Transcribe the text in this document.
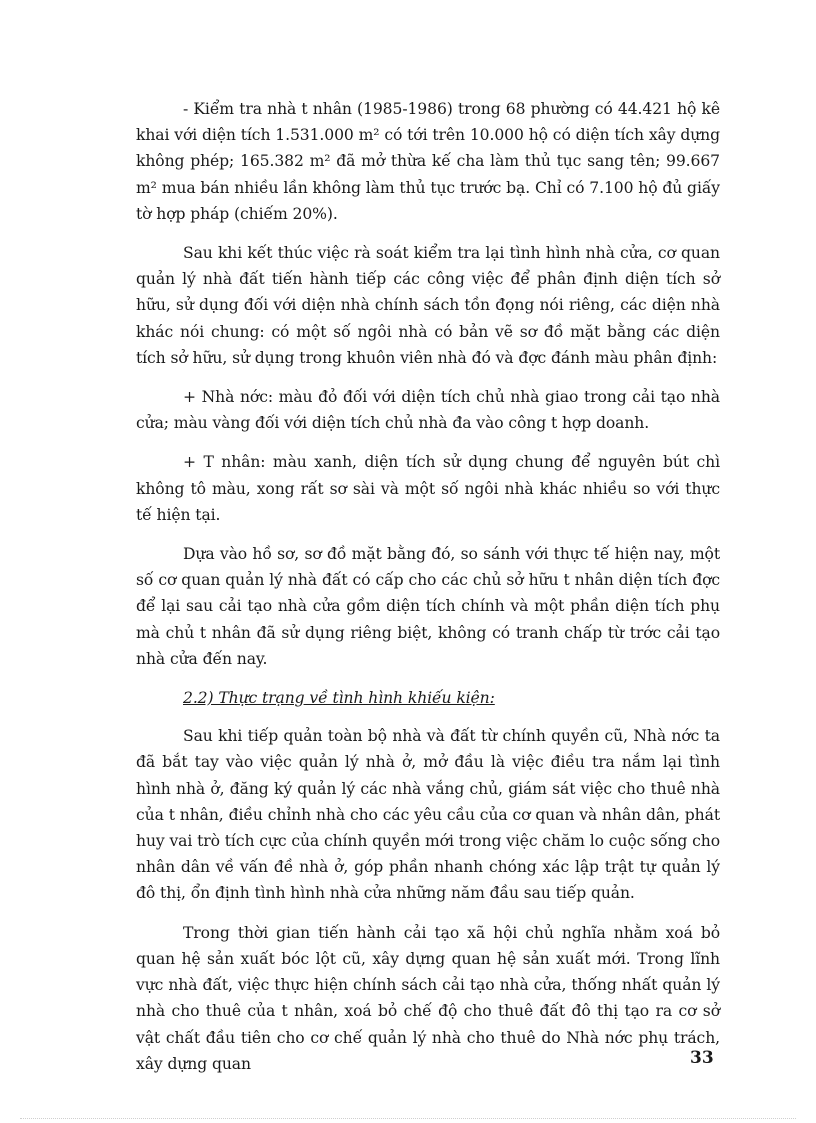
- Kiểm tra nhà t nhân (1985-1986) trong 68 phường có 44.421 hộ kê khai với diện tích 1.531.000 m² có tới trên 10.000 hộ có diện tích xây dựng không phép; 165.382 m² đã mở thừa kế cha làm thủ tục sang tên; 99.667 m² mua bán nhiều lần không làm thủ tục trước bạ. Chỉ có 7.100 hộ đủ giấy tờ hợp pháp (chiếm 20%).

Sau khi kết thúc việc rà soát kiểm tra lại tình hình nhà cửa, cơ quan quản lý nhà đất tiến hành tiếp các công việc để phân định diện tích sở hữu, sử dụng đối với diện nhà chính sách tồn đọng nói riêng, các diện nhà khác nói chung: có một số ngôi nhà có bản vẽ sơ đồ mặt bằng các diện tích sở hữu, sử dụng trong khuôn viên nhà đó và đợc đánh màu phân định:

+ Nhà nớc: màu đỏ đối với diện tích chủ nhà giao trong cải tạo nhà cửa; màu vàng đối với diện tích chủ nhà đa vào công t hợp doanh.

+ T nhân: màu xanh, diện tích sử dụng chung để nguyên bút chì không tô màu, xong rất sơ sài và một số ngôi nhà khác nhiều so với thực tế hiện tại.

Dựa vào hồ sơ, sơ đồ mặt bằng đó, so sánh với thực tế hiện nay, một số cơ quan quản lý nhà đất có cấp cho các chủ sở hữu t nhân diện tích đợc để lại sau cải tạo nhà cửa gồm diện tích chính và một phần diện tích phụ mà chủ t nhân đã sử dụng riêng biệt, không có tranh chấp từ trớc cải tạo nhà cửa đến nay.

2.2) Thực trạng về tình hình khiếu kiện:

Sau khi tiếp quản toàn bộ nhà và đất từ chính quyền cũ, Nhà nớc ta đã bắt tay vào việc quản lý nhà ở, mở đầu là việc điều tra nắm lại tình hình nhà ở, đăng ký quản lý các nhà vắng chủ, giám sát việc cho thuê nhà của t nhân, điều chỉnh nhà cho các yêu cầu của cơ quan và nhân dân, phát huy vai trò tích cực của chính quyền mới trong việc chăm lo cuộc sống cho nhân dân về vấn đề nhà ở, góp phần nhanh chóng xác lập trật tự quản lý đô thị, ổn định tình hình nhà cửa những năm đầu sau tiếp quản.

Trong thời gian tiến hành cải tạo xã hội chủ nghĩa nhằm xoá bỏ quan hệ sản xuất bóc lột cũ, xây dựng quan hệ sản xuất mới. Trong lĩnh vực nhà đất, việc thực hiện chính sách cải tạo nhà cửa, thống nhất quản lý nhà cho thuê của t nhân, xoá bỏ chế độ cho thuê đất đô thị tạo ra cơ sở vật chất đầu tiên cho cơ chế quản lý nhà cho thuê do Nhà nớc phụ trách, xây dựng quan	33
